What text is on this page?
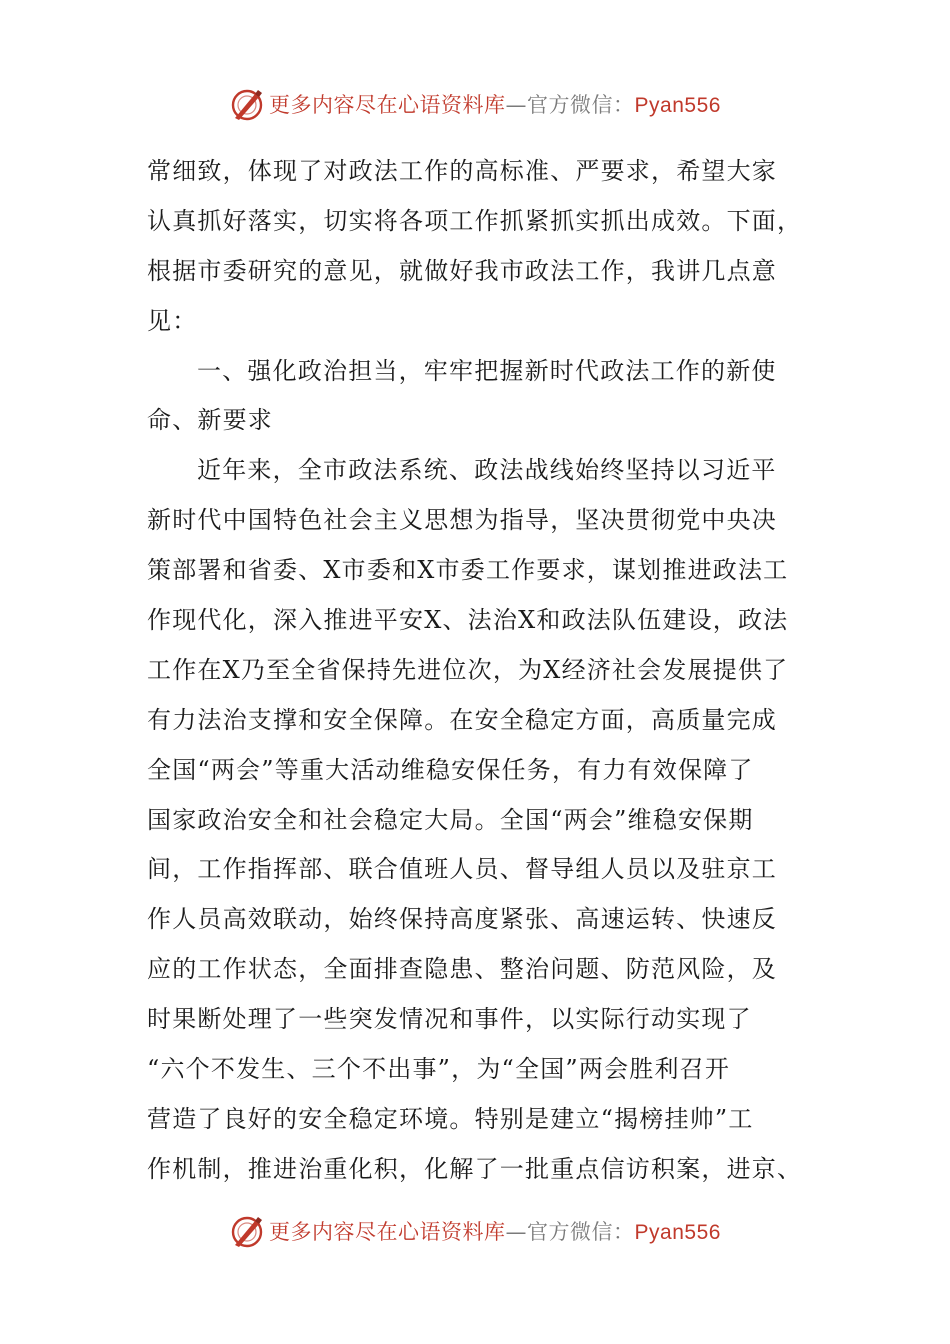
更多内容尽在心语资料库—官方微信：Pyan556
常细致，体现了对政法工作的高标准、严要求，希望大家
认真抓好落实，切实将各项工作抓紧抓实抓出成效。下面，
根据市委研究的意见，就做好我市政法工作，我讲几点意
见：
一、强化政治担当，牢牢把握新时代政法工作的新使
命、新要求
近年来，全市政法系统、政法战线始终坚持以习近平
新时代中国特色社会主义思想为指导，坚决贯彻党中央决
策部署和省委、X市委和X市委工作要求，谋划推进政法工
作现代化，深入推进平安X、法治X和政法队伍建设，政法
工作在X乃至全省保持先进位次，为X经济社会发展提供了
有力法治支撑和安全保障。在安全稳定方面，高质量完成
全国“两会”等重大活动维稳安保任务，有力有效保障了
国家政治安全和社会稳定大局。全国“两会”维稳安保期
间，工作指挥部、联合值班人员、督导组人员以及驻京工
作人员高效联动，始终保持高度紧张、高速运转、快速反
应的工作状态，全面排查隐患、整治问题、防范风险，及
时果断处理了一些突发情况和事件，以实际行动实现了
“六个不发生、三个不出事”，为“全国”两会胜利召开
营造了良好的安全稳定环境。特别是建立“揭榜挂帅”工
作机制，推进治重化积，化解了一批重点信访积案，进京、
更多内容尽在心语资料库—官方微信：Pyan556
